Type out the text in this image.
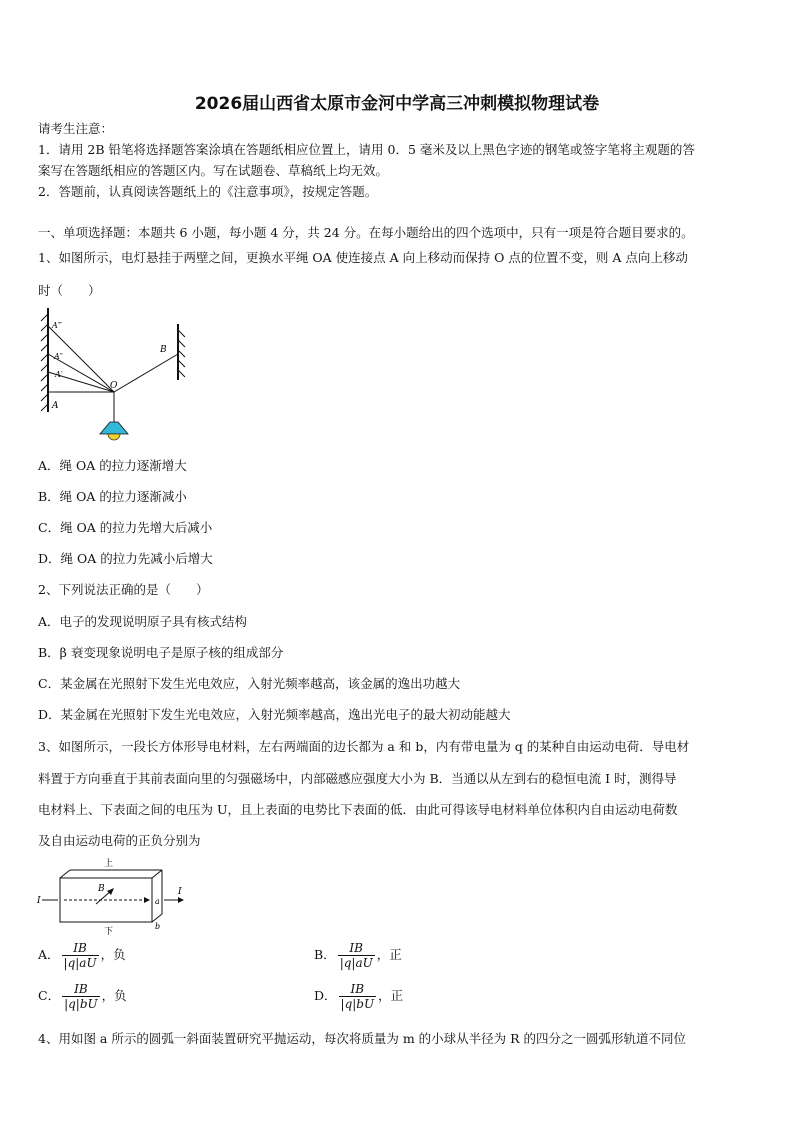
2026届山西省太原市金河中学高三冲刺模拟物理试卷
请考生注意：
1．请用 2B 铅笔将选择题答案涂填在答题纸相应位置上，请用 0．5 毫米及以上黑色字迹的钢笔或签字笔将主观题的答
案写在答题纸相应的答题区内。写在试题卷、草稿纸上均无效。
2．答题前，认真阅读答题纸上的《注意事项》，按规定答题。
一、单项选择题：本题共 6 小题，每小题 4 分，共 24 分。在每小题给出的四个选项中，只有一项是符合题目要求的。
1、如图所示，电灯悬挂于两壁之间，更换水平绳 OA 使连接点 A 向上移动而保持 O 点的位置不变，则 A 点向上移动
时（　　）
A‴
A″
A′
A
O
B
A．绳 OA 的拉力逐渐增大
B．绳 OA 的拉力逐渐减小
C．绳 OA 的拉力先增大后减小
D．绳 OA 的拉力先减小后增大
2、下列说法正确的是（　　）
A．电子的发现说明原子具有核式结构
B．β 衰变现象说明电子是原子核的组成部分
C．某金属在光照射下发生光电效应，入射光频率越高，该金属的逸出功越大
D．某金属在光照射下发生光电效应，入射光频率越高，逸出光电子的最大初动能越大
3、如图所示，一段长方体形导电材料，左右两端面的边长都为 a 和 b，内有带电量为 q 的某种自由运动电荷．导电材
料置于方向垂直于其前表面向里的匀强磁场中，内部磁感应强度大小为 B．当通以从左到右的稳恒电流 I 时，测得导
电材料上、下表面之间的电压为 U，且上表面的电势比下表面的低．由此可得该导电材料单位体积内自由运动电荷数
及自由运动电荷的正负分别为
上
下
I
I
B
a
b
A． $\frac{IB}{|q|aU}$ ，负	B． $\frac{IB}{|q|aU}$ ，正
C． $\frac{IB}{|q|bU}$ ，负	D． $\frac{IB}{|q|bU}$ ，正
4、用如图 a 所示的圆弧一斜面装置研究平抛运动，每次将质量为 m 的小球从半径为 R 的四分之一圆弧形轨道不同位
